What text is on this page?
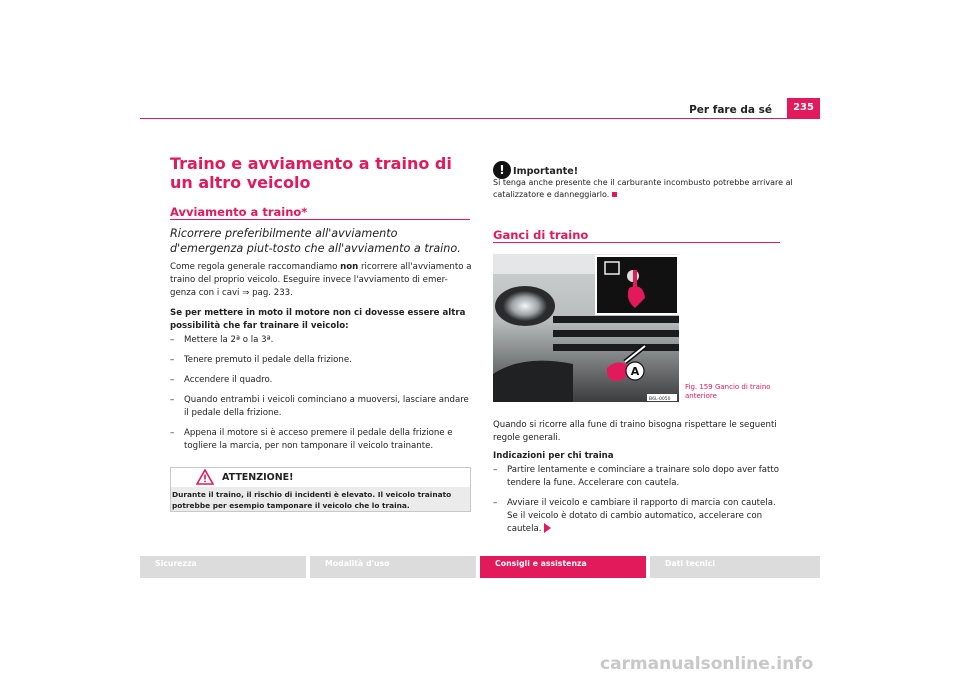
Per fare da sé	235
Traino e avviamento a traino di un altro veicolo
Avviamento a traino*
Ricorrere preferibilmente all'avviamento d'emergenza piut-tosto che all'avviamento a traino.
Come regola generale raccomandiamo non ricorrere all'avviamento a traino del proprio veicolo. Eseguire invece l'avviamento di emer-genza con i cavi ⇒ pag. 233.
Se per mettere in moto il motore non ci dovesse essere altra possibilità che far trainare il veicolo:
–	Mettere la 2ª o la 3ª.
–	Tenere premuto il pedale della frizione.
–	Accendere il quadro.
–	Quando entrambi i veicoli cominciano a muoversi, lasciare andare il pedale della frizione.
–	Appena il motore si è acceso premere il pedale della frizione e togliere la marcia, per non tamponare il veicolo trainante.
ATTENZIONE!
Durante il traino, il rischio di incidenti è elevato. Il veicolo trainato potrebbe per esempio tamponare il veicolo che lo traina.
! Importante!
Si tenga anche presente che il carburante incombusto potrebbe arrivare al catalizzatore e danneggiarlo.
Ganci di traino
A
B6L-0050
Fig. 159 Gancio di traino anteriore
Quando si ricorre alla fune di traino bisogna rispettare le seguenti regole generali.
Indicazioni per chi traina
–	Partire lentamente e cominciare a trainare solo dopo aver fatto tendere la fune. Accelerare con cautela.
–	Avviare il veicolo e cambiare il rapporto di marcia con cautela. Se il veicolo è dotato di cambio automatico, accelerare con cautela.
Sicurezza	Modalità d'uso	Consigli e assistenza	Dati tecnici
carmanualsonline.info
